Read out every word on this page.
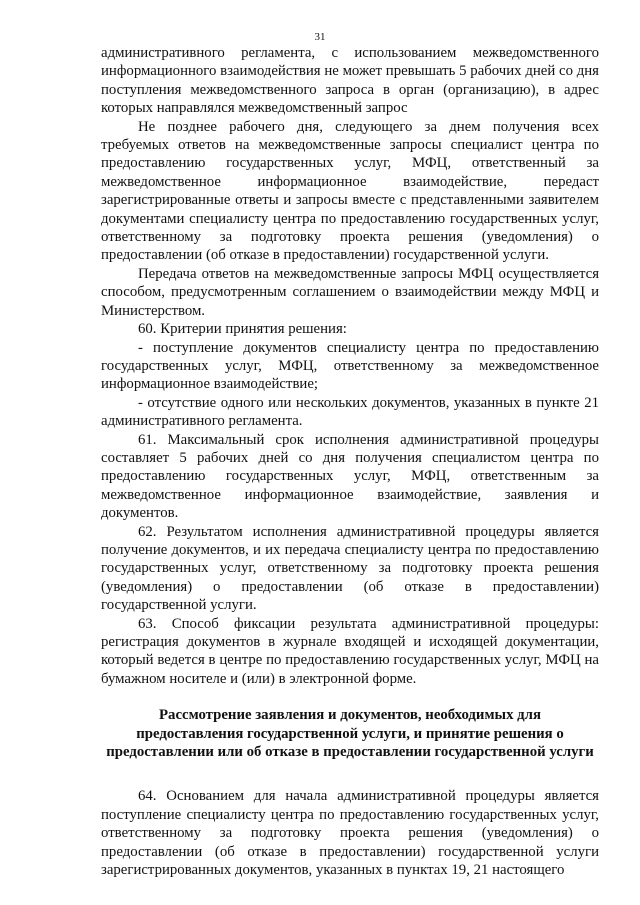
31

административного регламента, с использованием межведомственного информационного взаимодействия не может превышать 5 рабочих дней со дня поступления межведомственного запроса в орган (организацию), в адрес которых направлялся межведомственный запрос

Не позднее рабочего дня, следующего за днем получения всех требуемых ответов на межведомственные запросы специалист центра по предоставлению государственных услуг, МФЦ, ответственный за межведомственное информационное взаимодействие, передаст зарегистрированные ответы и запросы вместе с представленными заявителем документами специалисту центра по предоставлению государственных услуг, ответственному за подготовку проекта решения (уведомления) о предоставлении (об отказе в предоставлении) государственной услуги.

Передача ответов на межведомственные запросы МФЦ осуществляется способом, предусмотренным соглашением о взаимодействии между МФЦ и Министерством.

60. Критерии принятия решения:

- поступление документов специалисту центра по предоставлению государственных услуг, МФЦ, ответственному за межведомственное информационное взаимодействие;

- отсутствие одного или нескольких документов, указанных в пункте 21 административного регламента.

61. Максимальный срок исполнения административной процедуры составляет 5 рабочих дней со дня получения специалистом центра по предоставлению государственных услуг, МФЦ, ответственным за межведомственное информационное взаимодействие, заявления и документов.

62. Результатом исполнения административной процедуры является получение документов, и их передача специалисту центра по предоставлению государственных услуг, ответственному за подготовку проекта решения (уведомления) о предоставлении (об отказе в предоставлении) государственной услуги.

63. Способ фиксации результата административной процедуры: регистрация документов в журнале входящей и исходящей документации, который ведется в центре по предоставлению государственных услуг, МФЦ на бумажном носителе и (или) в электронной форме.

Рассмотрение заявления и документов, необходимых для
предоставления государственной услуги, и принятие решения о
предоставлении или об отказе в предоставлении государственной услуги

64. Основанием для начала административной процедуры является поступление специалисту центра по предоставлению государственных услуг, ответственному за подготовку проекта решения (уведомления) о предоставлении (об отказе в предоставлении) государственной услуги зарегистрированных документов, указанных в пунктах 19, 21 настоящего
